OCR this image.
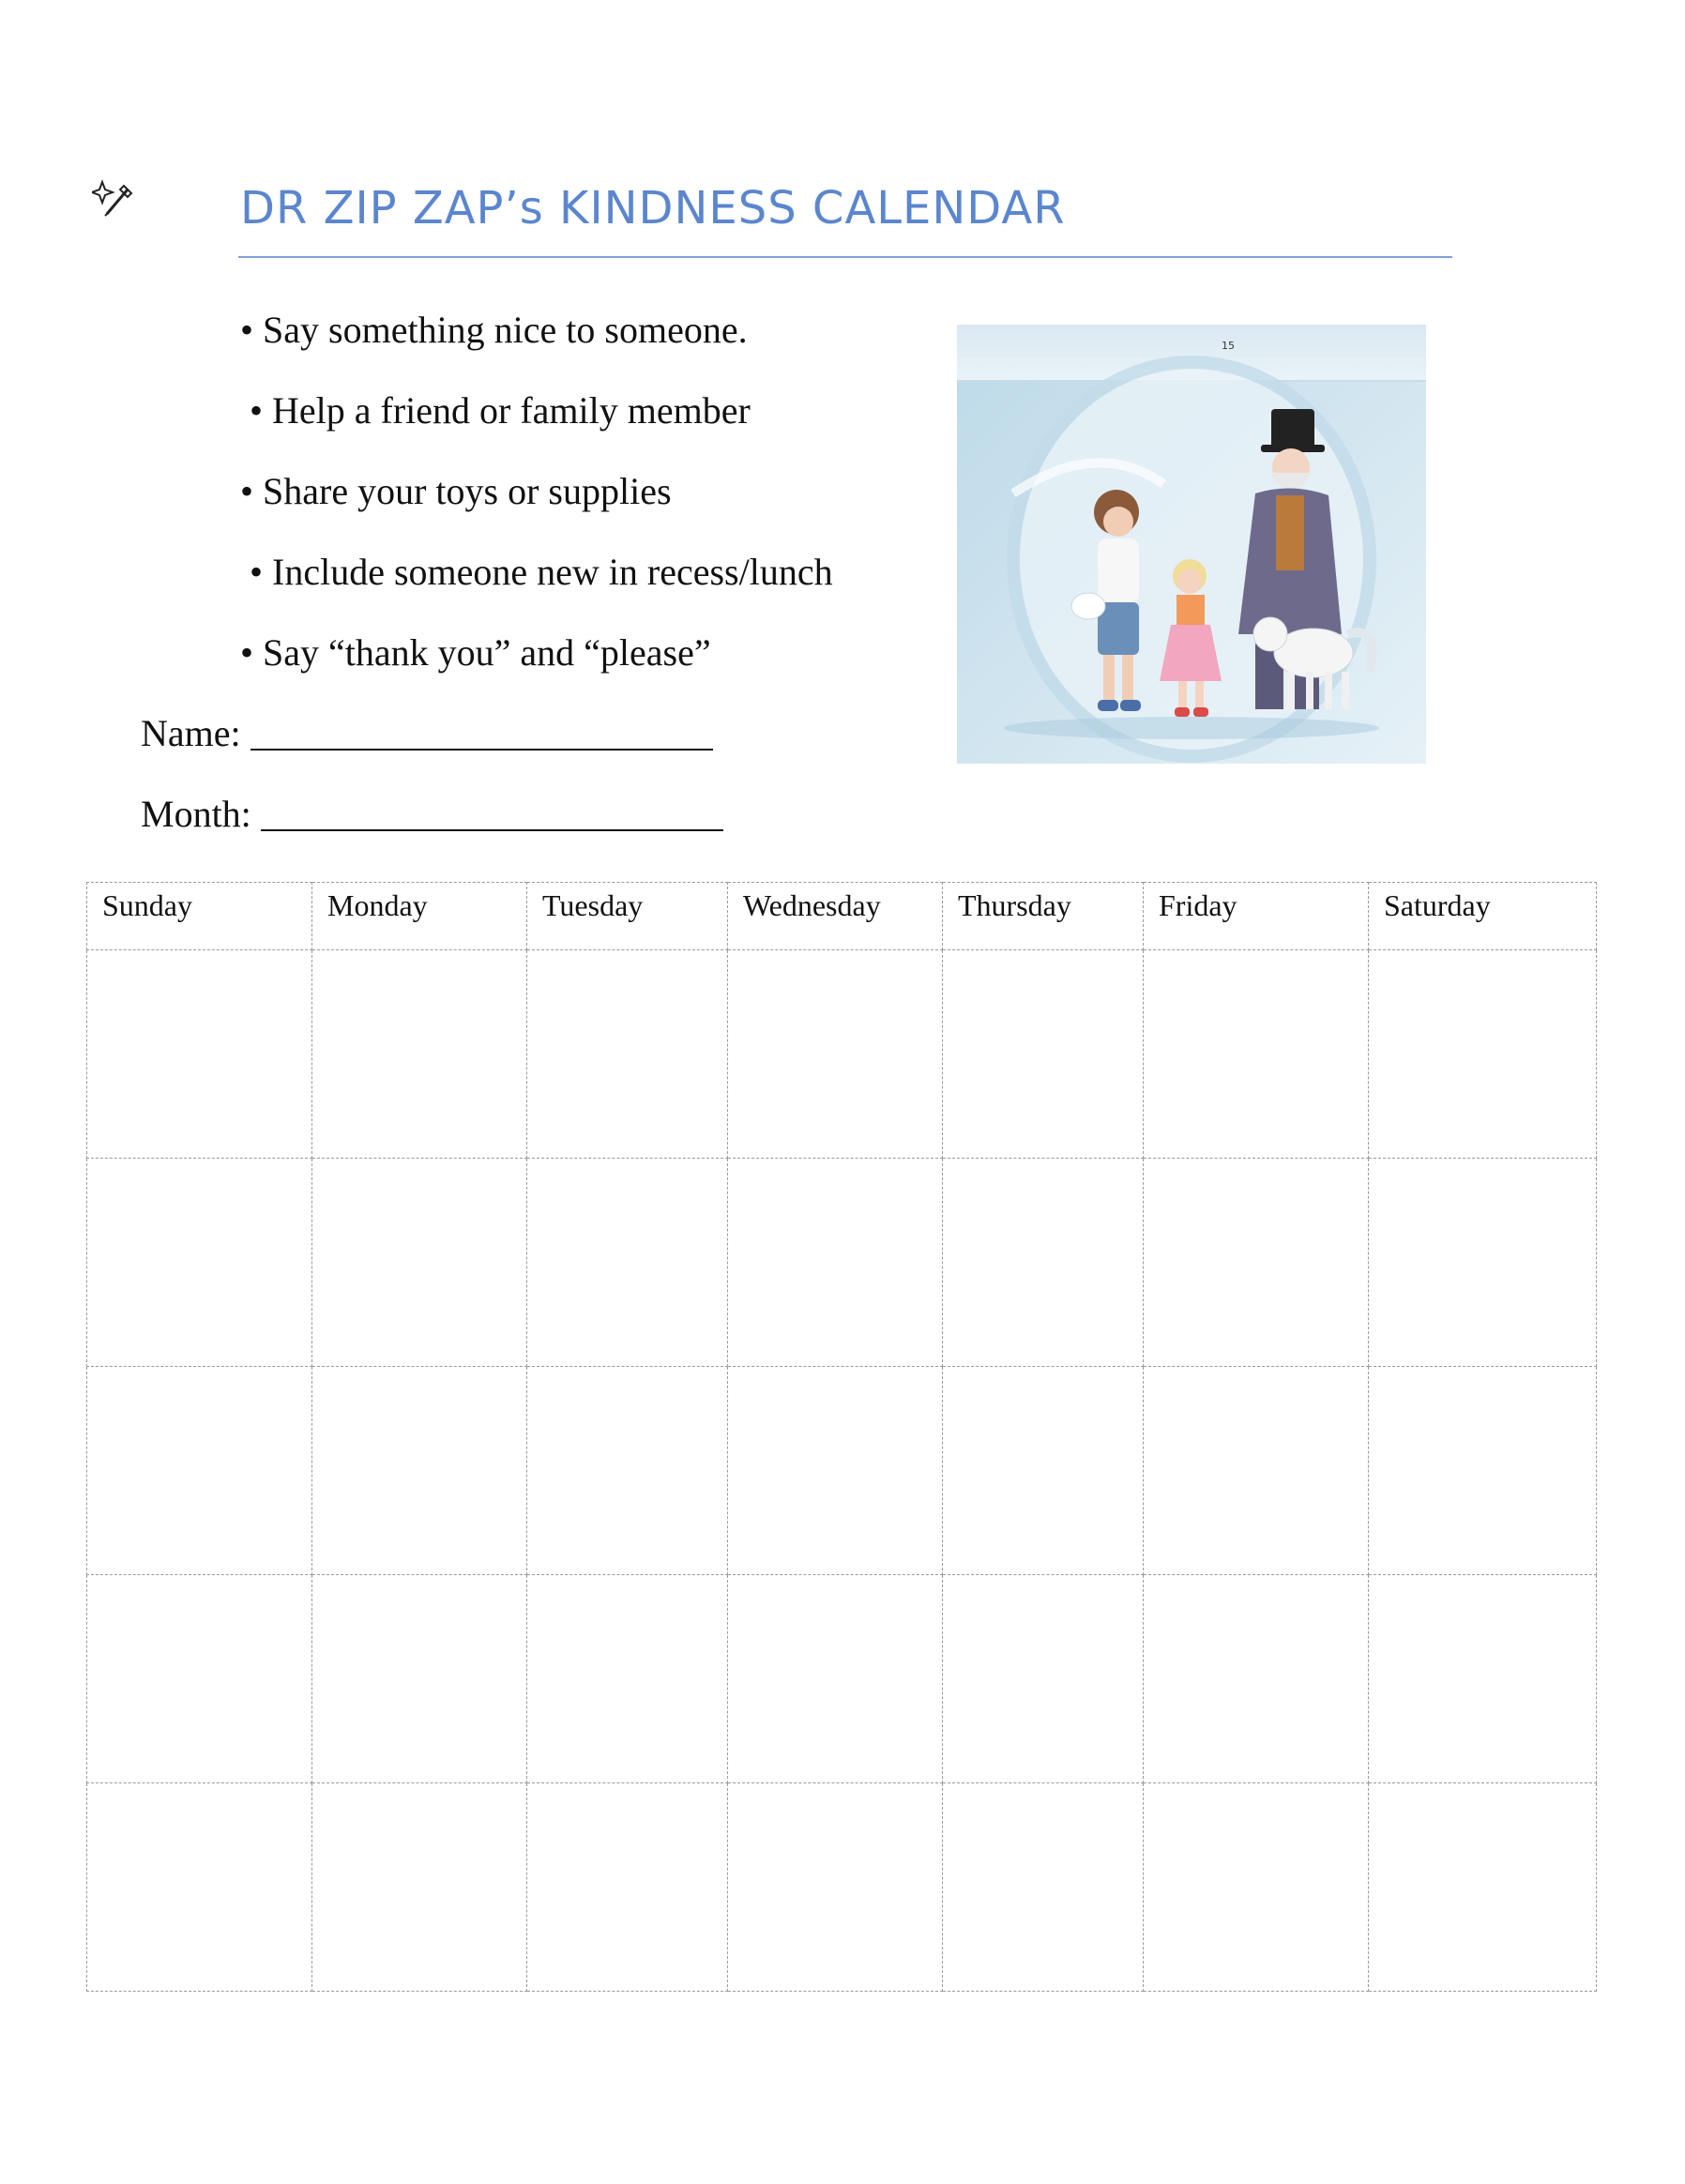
DR ZIP ZAP’s KINDNESS CALENDAR
• Say something nice to someone.
• Help a friend or family member
• Share your toys or supplies
• Include someone new in recess/lunch
• Say “thank you” and “please”
Name:
Month:
15
Sunday	Monday	Tuesday	Wednesday	Thursday	Friday	Saturday
